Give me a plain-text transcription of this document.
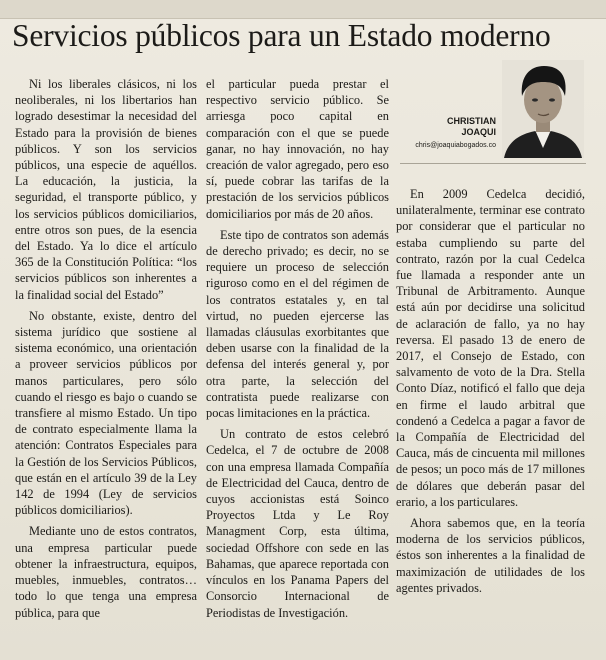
Servicios públicos para un Estado moderno

Ni los liberales clásicos, ni los neoliberales, ni los libertarios han logrado desestimar la necesidad del Estado para la provisión de bienes públicos. Y son los servicios públicos, una especie de aquéllos. La educación, la justicia, la seguridad, el transporte público, y los servicios públicos domiciliarios, entre otros son pues, de la esencia del Estado. Ya lo dice el artículo 365 de la Constitución Política: “los servicios públicos son inherentes a la finalidad social del Estado”

No obstante, existe, dentro del sistema jurídico que sostiene al sistema económico, una orientación a proveer servicios públicos por manos particulares, pero sólo cuando el riesgo es bajo o cuando se transfiere al mismo Estado. Un tipo de contrato especialmente llama la atención: Contratos Especiales para la Gestión de los Servicios Públicos, que están en el artículo 39 de la Ley 142 de 1994 (Ley de servicios públicos domiciliarios).

Mediante uno de estos contratos, una empresa particular puede obtener la infraestructura, equipos, muebles, inmuebles, contratos… todo lo que tenga una empresa pública, para que

el particular pueda prestar el respectivo servicio público. Se arriesga poco capital en comparación con el que se puede ganar, no hay innovación, no hay creación de valor agregado, pero eso sí, puede cobrar las tarifas de la prestación de los servicios públicos domiciliarios por más de 20 años.

Este tipo de contratos son además de derecho privado; es decir, no se requiere un proceso de selección riguroso como en el del régimen de los contratos estatales y, en tal virtud, no pueden ejercerse las llamadas cláusulas exorbitantes que deben usarse con la finalidad de la defensa del interés general y, por otra parte, la selección del contratista puede realizarse con pocas limitaciones en la práctica.

Un contrato de estos celebró Cedelca, el 7 de octubre de 2008 con una empresa llamada Compañía de Electricidad del Cauca, dentro de cuyos accionistas está Soinco Proyectos Ltda y Le Roy Managment Corp, esta última, sociedad Offshore con sede en las Bahamas, que aparece reportada con vínculos en los Panama Papers del Consorcio Internacional de Periodistas de Investigación.

CHRISTIAN
JOAQUI
chris@joaquiabogados.co

En 2009 Cedelca decidió, unilateralmente, terminar ese contrato por considerar que el particular no estaba cumpliendo su parte del contrato, razón por la cual Cedelca fue llamada a responder ante un Tribunal de Arbitramento. Aunque está aún por decidirse una solicitud de aclaración de fallo, ya no hay reversa. El pasado 13 de enero de 2017, el Consejo de Estado, con salvamento de voto de la Dra. Stella Conto Díaz, notificó el fallo que deja en firme el laudo arbitral que condenó a Cedelca a pagar a favor de la Compañía de Electricidad del Cauca, más de cincuenta mil millones de pesos; un poco más de 17 millones de dólares que deberán pasar del erario, a los particulares.

Ahora sabemos que, en la teoría moderna de los servicios públicos, éstos son inherentes a la finalidad de maximización de utilidades de los agentes privados.
